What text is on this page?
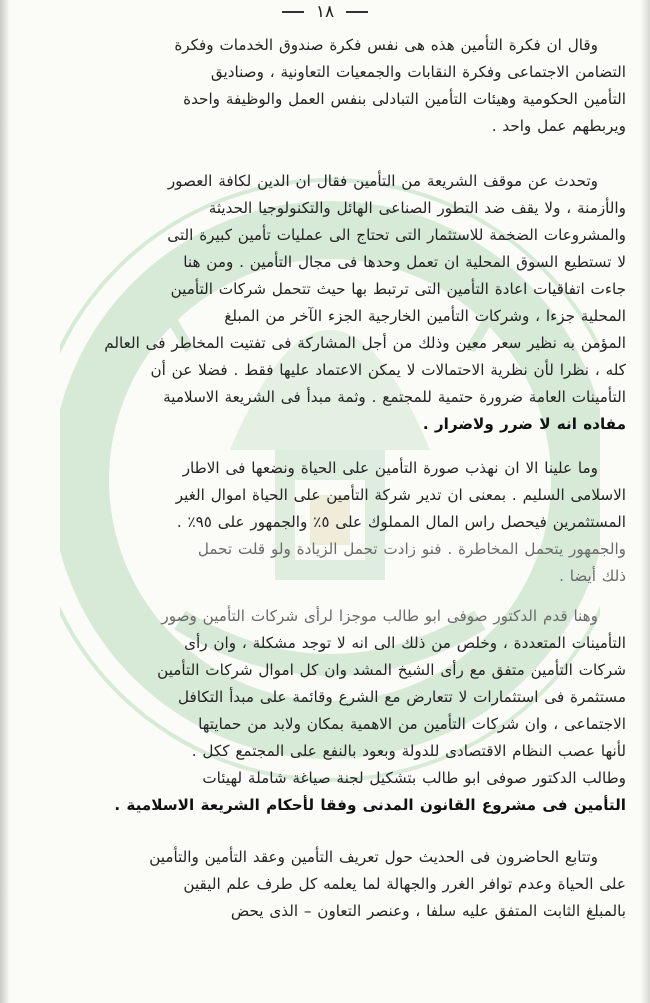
١٨
وقال ان فكرة التأمين هذه هى نفس فكرة صندوق الخدمات وفكرة
التضامن الاجتماعى وفكرة النقابات والجمعيات التعاونية ، وصناديق
التأمين الحكومية وهيئات التأمين التبادلى بنفس العمل والوظيفة واحدة
ويربطهم عمل واحد .
وتحدث عن موقف الشريعة من التأمين فقال ان الدين لكافة العصور
والأزمنة ، ولا يقف ضد التطور الصناعى الهائل والتكنولوجيا الحديثة
والمشروعات الضخمة للاستثمار التى تحتاج الى عمليات تأمين كبيرة التى
لا تستطيع السوق المحلية ان تعمل وحدها فى مجال التأمين . ومن هنا
جاءت اتفاقيات اعادة التأمين التى ترتبط بها حيث تتحمل شركات التأمين
المحلية جزءا ، وشركات التأمين الخارجية الجزء الآخر من المبلغ
المؤمن به نظير سعر معين وذلك من أجل المشاركة فى تفتيت المخاطر فى العالم
كله ، نظرا لأن نظرية الاحتمالات لا يمكن الاعتماد عليها فقط . فضلا عن أن
التأمينات العامة ضرورة حتمية للمجتمع . وثمة مبدأ فى الشريعة الاسلامية
مفاده انه لا ضرر ولاضرار .
وما علينا الا ان نهذب صورة التأمين على الحياة ونضعها فى الاطار
الاسلامى السليم . بمعنى ان تدير شركة التأمين على الحياة اموال الغير
المستثمرين فيحصل راس المال المملوك على ٥٪ والجمهور على ٩٥٪ .
والجمهور يتحمل المخاطرة . فنو زادت تحمل الزيادة ولو قلت تحمل
ذلك أيضا .
وهنا قدم الدكتور صوفى ابو طالب موجزا لرأى شركات التأمين وصور
التأمينات المتعددة ، وخلص من ذلك الى انه لا توجد مشكلة ، وان رأى
شركات التأمين متفق مع رأى الشيخ المشد وان كل اموال شركات التأمين
مستثمرة فى استثمارات لا تتعارض مع الشرع وقائمة على مبدأ التكافل
الاجتماعى ، وان شركات التأمين من الاهمية بمكان ولابد من حمايتها
لأنها عصب النظام الاقتصادى للدولة وبعود بالنفع على المجتمع ككل .
وطالب الدكتور صوفى ابو طالب بتشكيل لجنة صياغة شاملة لهيئات
التأمين فى مشروع القانون المدنى وفقا لأحكام الشريعة الاسلامية .
وتتابع الحاضرون فى الحديث حول تعريف التأمين وعقد التأمين والتأمين
على الحياة وعدم توافر الغرر والجهالة لما يعلمه كل طرف علم اليقين
بالمبلغ الثابت المتفق عليه سلفا ، وعنصر التعاون – الذى يحض
